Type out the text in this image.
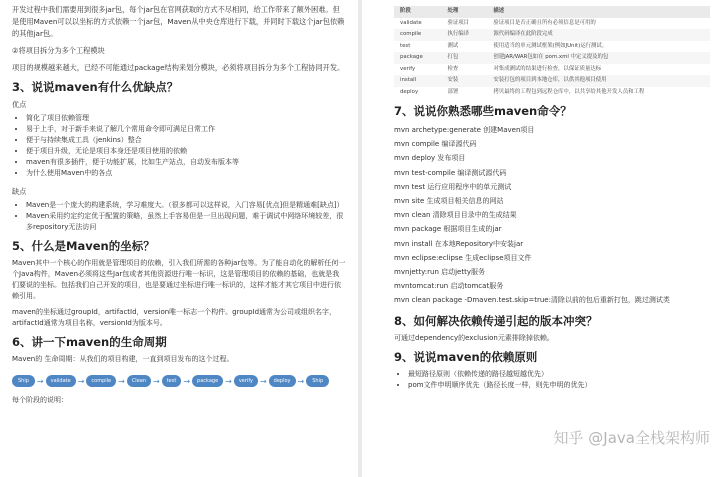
开发过程中我们需要用到很多jar包，每个jar包在官网获取的方式不尽相同，给工作带来了额外困难。但是使用Maven可以以坐标的方式依赖一个jar包，Maven从中央仓库进行下载，并同时下载这个jar包依赖的其他jar包。

②将项目拆分为多个工程模块

项目的规模越来越大，已经不可能通过package结构来划分模块，必须将项目拆分为多个工程协同开发。

3、说说maven有什么优缺点？

优点

• 简化了项目依赖管理
• 易于上手，对于新手来说了解几个常用命令即可满足日常工作
• 便于与持续集成工具（jenkins）整合
• 便于项目升级，无论是项目本身还是项目使用的依赖
• maven有很多插件，便于功能扩展，比如生产站点，自动发布版本等
• 为什么使用Maven中的各点

缺点

• Maven是一个庞大的构建系统，学习难度大。（很多都可以这样说，入门容易[优点]但是精通难[缺点]）
• Maven采用约定约定优于配置的策略，虽然上手容易但是一旦出现问题，难于调试中网络环境较差，很多repository无法访问
5、什么是Maven的坐标？

Maven其中一个核心的作用就是管理项目的依赖，引入我们所需的各种jar包等。为了能自动化的解析任何一个Java构件，Maven必须将这些Jar包或者其他资源进行唯一标识，这是管理项目的依赖的基础，也就是我们要说的坐标。包括我们自己开发的项目，也是要通过坐标进行唯一标识的，这样才能才其它项目中进行依赖引用。

maven的坐标通过groupId，artifactId，version唯一标志一个构件。groupId通常为公司或组织名字，artifactId通常为项目名称，versionId为版本号。

6、讲一下maven的生命周期

Maven的 生命周期：从我们的项目构建，一直到项目发布的这个过程。

Ship	→	validate →	compile →	Clean →	test →	package →	verify →	deploy →	Ship

每个阶段的说明：

阶段	处理	描述
validate	验证项目	验证项目是否正确且所有必须信息是可用的
compile	执行编译	源代码编译在此阶段完成
test	测试	使用适当的单元测试框架(例如JUnit)运行测试。
package	打包	创建JAR/WAR包如在 pom.xml 中定义提及的包
verify	检查	对集成测试的结果进行检查，以保证质量达标
install	安装	安装打包的项目到本地仓库，以供其他项目使用
deploy	部署	拷贝最终的工程包到远程仓库中，以共享给其他开发人员和工程
7、说说你熟悉哪些maven命令？

mvn archetype:generate 创建Maven项目

mvn compile 编译源代码

mvn deploy 发布项目

mvn test-compile 编译测试源代码

mvn test 运行应用程序中的单元测试

mvn site 生成项目相关信息的网站

mvn clean 清除项目目录中的生成结果

mvn package 根据项目生成的jar

mvn install 在本地Repository中安装jar

mvn eclipse:eclipse 生成eclipse项目文件

mvnjetty:run 启动jetty服务

mvntomcat:run 启动tomcat服务

mvn clean package -Dmaven.test.skip=true:清除以前的包后重新打包，跳过测试类

8、如何解决依赖传递引起的版本冲突？

可通过dependency的exclusion元素排除掉依赖。

9、说说maven的依赖原则
• 最短路径原则（依赖传递的路径越短越优先）
• pom文件申明顺序优先（路径长度一样，则先申明的优先）
知乎 @Java全栈架构师
